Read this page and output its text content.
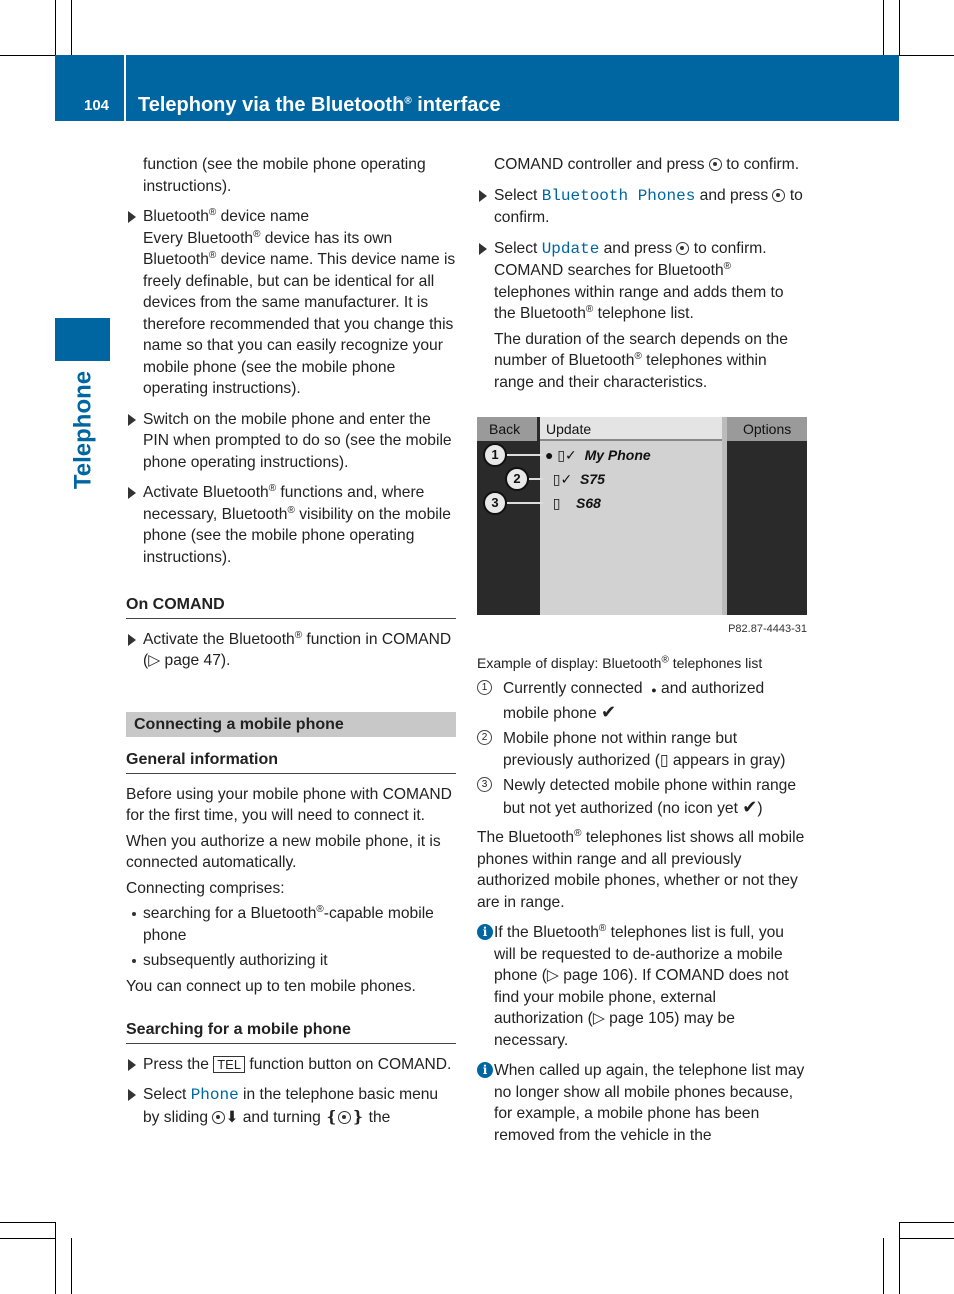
104 Telephony via the Bluetooth® interface
Telephone
function (see the mobile phone operating instructions).
Bluetooth® device name
Every Bluetooth® device has its own Bluetooth® device name. This device name is freely definable, but can be identical for all devices from the same manufacturer. It is therefore recommended that you change this name so that you can easily recognize your mobile phone (see the mobile phone operating instructions).
Switch on the mobile phone and enter the PIN when prompted to do so (see the mobile phone operating instructions).
Activate Bluetooth® functions and, where necessary, Bluetooth® visibility on the mobile phone (see the mobile phone operating instructions).
On COMAND
Activate the Bluetooth® function in COMAND (▷ page 47).
Connecting a mobile phone
General information
Before using your mobile phone with COMAND for the first time, you will need to connect it.
When you authorize a new mobile phone, it is connected automatically.
Connecting comprises:
searching for a Bluetooth®-capable mobile phone
subsequently authorizing it
You can connect up to ten mobile phones.
Searching for a mobile phone
Press the TEL function button on COMAND.
Select Phone in the telephone basic menu by sliding ⬇ and turning ❴ ❵ the
COMAND controller and press  to confirm.
Select Bluetooth Phones and press  to confirm.
Select Update and press  to confirm.
COMAND searches for Bluetooth® telephones within range and adds them to the Bluetooth® telephone list.
The duration of the search depends on the number of Bluetooth® telephones within range and their characteristics.
Back	Update	Options
1	● ▯✓  My Phone
2	▯✓  S75
3	▯    S68
P82.87-4443-31
Example of display: Bluetooth® telephones list
1	Currently connected ● and authorized mobile phone ✔
2	Mobile phone not within range but previously authorized (▯ appears in gray)
3	Newly detected mobile phone within range but not yet authorized (no icon yet ✔)
The Bluetooth® telephones list shows all mobile phones within range and all previously authorized mobile phones, whether or not they are in range.
i If the Bluetooth® telephones list is full, you will be requested to de-authorize a mobile phone (▷ page 106). If COMAND does not find your mobile phone, external authorization (▷ page 105) may be necessary.
i When called up again, the telephone list may no longer show all mobile phones because, for example, a mobile phone has been removed from the vehicle in the
